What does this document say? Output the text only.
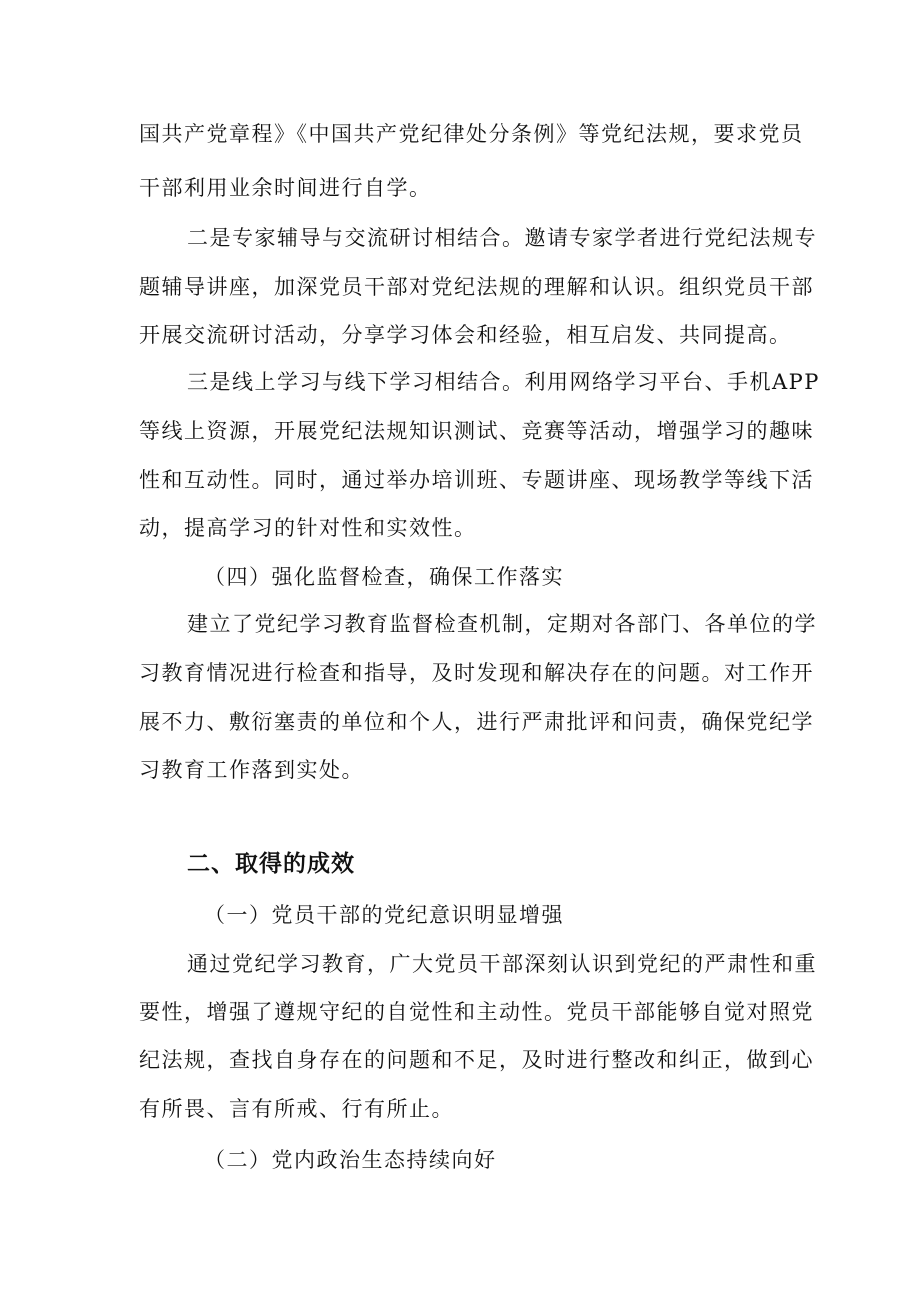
国共产党章程》《中国共产党纪律处分条例》等党纪法规，要求党员
干部利用业余时间进行自学。
二是专家辅导与交流研讨相结合。邀请专家学者进行党纪法规专
题辅导讲座，加深党员干部对党纪法规的理解和认识。组织党员干部
开展交流研讨活动，分享学习体会和经验，相互启发、共同提高。
三是线上学习与线下学习相结合。利用网络学习平台、手机APP
等线上资源，开展党纪法规知识测试、竞赛等活动，增强学习的趣味
性和互动性。同时，通过举办培训班、专题讲座、现场教学等线下活
动，提高学习的针对性和实效性。
（四）强化监督检查，确保工作落实
建立了党纪学习教育监督检查机制，定期对各部门、各单位的学
习教育情况进行检查和指导，及时发现和解决存在的问题。对工作开
展不力、敷衍塞责的单位和个人，进行严肃批评和问责，确保党纪学
习教育工作落到实处。
二、取得的成效
（一）党员干部的党纪意识明显增强
通过党纪学习教育，广大党员干部深刻认识到党纪的严肃性和重
要性，增强了遵规守纪的自觉性和主动性。党员干部能够自觉对照党
纪法规，查找自身存在的问题和不足，及时进行整改和纠正，做到心
有所畏、言有所戒、行有所止。
（二）党内政治生态持续向好
